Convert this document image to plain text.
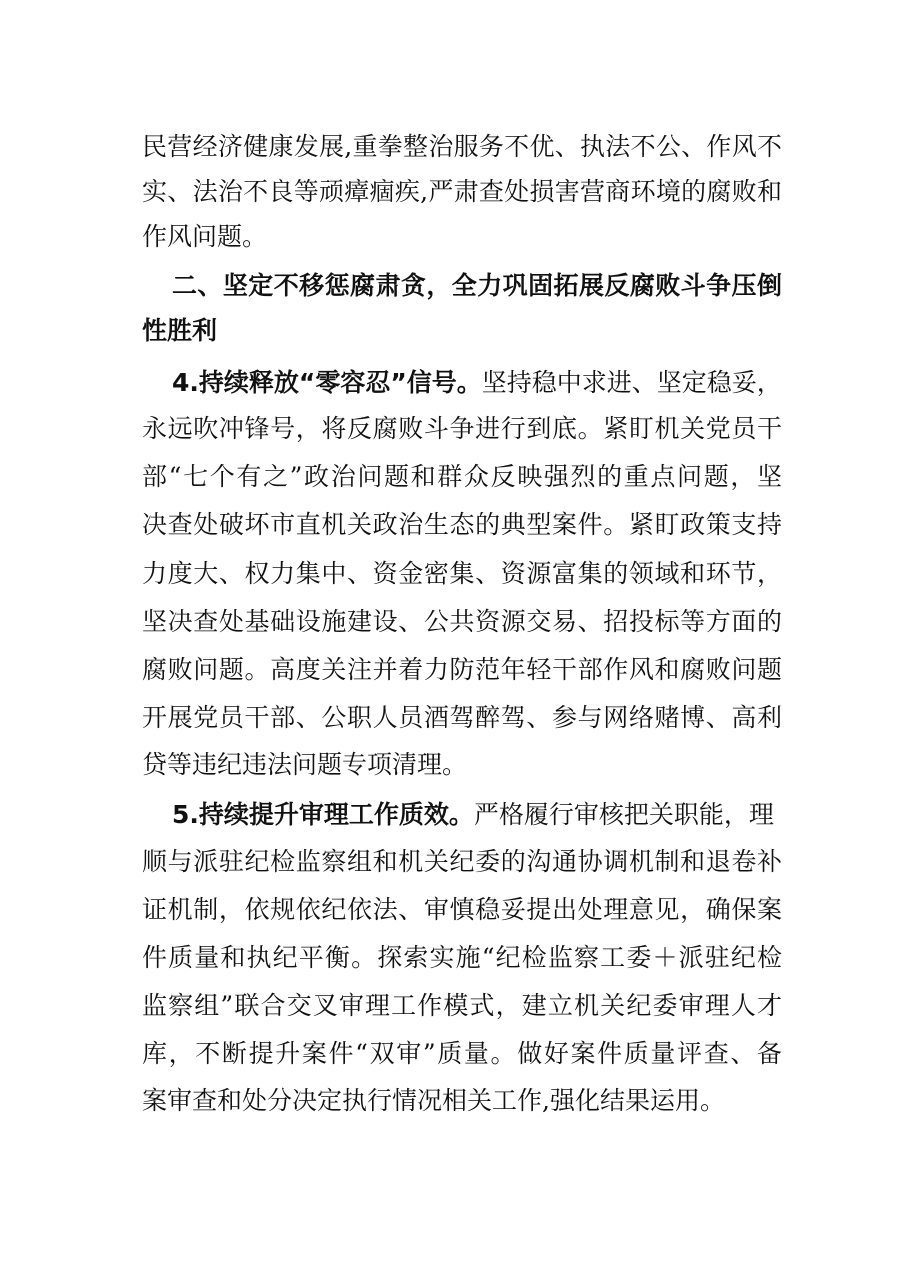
民营经济健康发展,重拳整治服务不优、执法不公、作风不
实、法治不良等顽瘴痼疾,严肃查处损害营商环境的腐败和
作风问题。
二、坚定不移惩腐肃贪，全力巩固拓展反腐败斗争压倒
性胜利
4.持续释放“零容忍”信号。坚持稳中求进、坚定稳妥，
永远吹冲锋号，将反腐败斗争进行到底。紧盯机关党员干
部“七个有之”政治问题和群众反映强烈的重点问题，坚
决查处破坏市直机关政治生态的典型案件。紧盯政策支持
力度大、权力集中、资金密集、资源富集的领域和环节，
坚决查处基础设施建设、公共资源交易、招投标等方面的
腐败问题。高度关注并着力防范年轻干部作风和腐败问题
开展党员干部、公职人员酒驾醉驾、参与网络赌博、高利
贷等违纪违法问题专项清理。
5.持续提升审理工作质效。严格履行审核把关职能，理
顺与派驻纪检监察组和机关纪委的沟通协调机制和退卷补
证机制，依规依纪依法、审慎稳妥提出处理意见，确保案
件质量和执纪平衡。探索实施“纪检监察工委＋派驻纪检
监察组”联合交叉审理工作模式，建立机关纪委审理人才
库，不断提升案件“双审”质量。做好案件质量评查、备
案审查和处分决定执行情况相关工作,强化结果运用。
